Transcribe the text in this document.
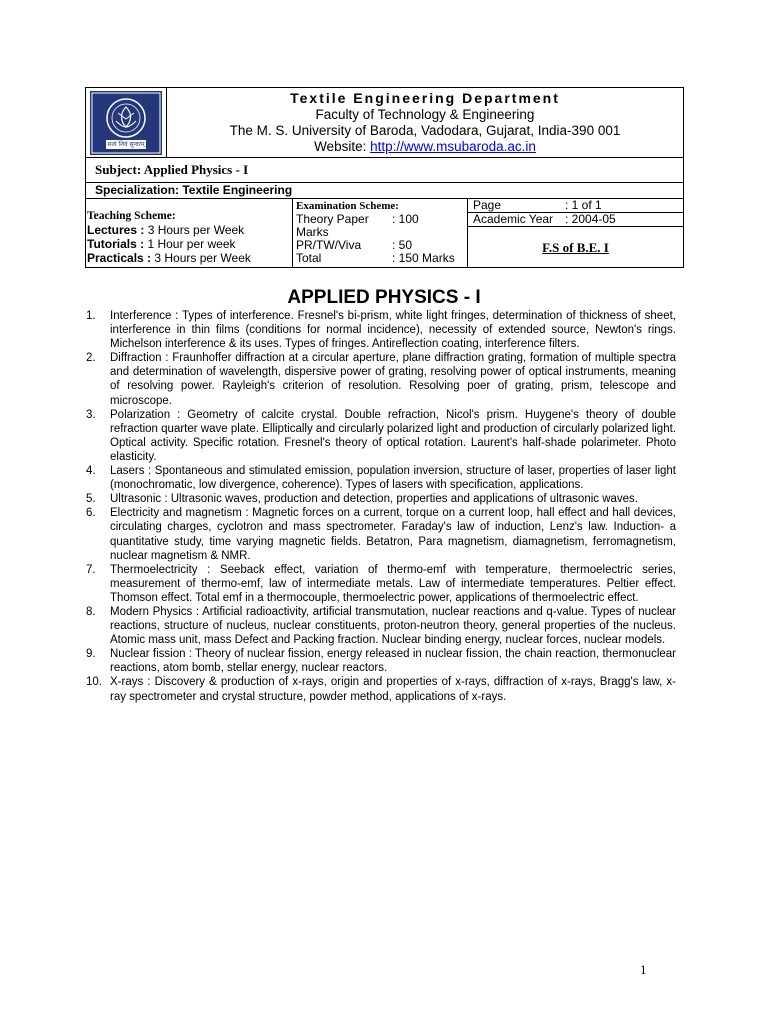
सत्यं शिवं सुन्दरम्
Textile Engineering Department
Faculty of Technology & Engineering
The M. S. University of Baroda, Vadodara, Gujarat, India-390 001
Website: http://www.msubaroda.ac.in
Subject: Applied Physics - I
Specialization: Textile Engineering
Teaching Scheme:
Lectures : 3 Hours per Week
Tutorials : 1 Hour per week
Practicals : 3 Hours per Week
Examination Scheme:
Theory Paper : 100
Marks
PR/TW/Viva	: 50
Total	: 150 Marks
Page	: 1 of 1
Academic Year : 2004-05
F.S of B.E. I
APPLIED PHYSICS - I
1. Interference : Types of interference. Fresnel's bi-prism, white light fringes, determination of thickness of sheet, interference in thin films (conditions for normal incidence), necessity of extended source, Newton's rings. Michelson interference & its uses. Types of fringes. Antireflection coating, interference filters.
2. Diffraction : Fraunhoffer diffraction at a circular aperture, plane diffraction grating, formation of multiple spectra and determination of wavelength, dispersive power of grating, resolving power of optical instruments, meaning of resolving power. Rayleigh's criterion of resolution. Resolving poer of grating, prism, telescope and microscope.
3. Polarization : Geometry of calcite crystal. Double refraction, Nicol's prism. Huygene's theory of double refraction quarter wave plate. Elliptically and circularly polarized light and production of circularly polarized light. Optical activity. Specific rotation. Fresnel's theory of optical rotation. Laurent's half-shade polarimeter. Photo elasticity.
4. Lasers : Spontaneous and stimulated emission, population inversion, structure of laser, properties of laser light (monochromatic, low divergence, coherence). Types of lasers with specification, applications.
5. Ultrasonic : Ultrasonic waves, production and detection, properties and applications of ultrasonic waves.
6. Electricity and magnetism : Magnetic forces on a current, torque on a current loop, hall effect and hall devices, circulating charges, cyclotron and mass spectrometer. Faraday's law of induction, Lenz's law. Induction- a quantitative study, time varying magnetic fields. Betatron, Para magnetism, diamagnetism, ferromagnetism, nuclear magnetism & NMR.
7. Thermoelectricity : Seeback effect, variation of thermo-emf with temperature, thermoelectric series, measurement of thermo-emf, law of intermediate metals. Law of intermediate temperatures. Peltier effect. Thomson effect. Total emf in a thermocouple, thermoelectric power, applications of thermoelectric effect.
8. Modern Physics : Artificial radioactivity, artificial transmutation, nuclear reactions and q-value. Types of nuclear reactions, structure of nucleus, nuclear constituents, proton-neutron theory, general properties of the nucleus. Atomic mass unit, mass Defect and Packing fraction. Nuclear binding energy, nuclear forces, nuclear models.
9. Nuclear fission : Theory of nuclear fission, energy released in nuclear fission, the chain reaction, thermonuclear reactions, atom bomb, stellar energy, nuclear reactors.
10. X-rays : Discovery & production of x-rays, origin and properties of x-rays, diffraction of x-rays, Bragg's law, x-ray spectrometer and crystal structure, powder method, applications of x-rays.
1
